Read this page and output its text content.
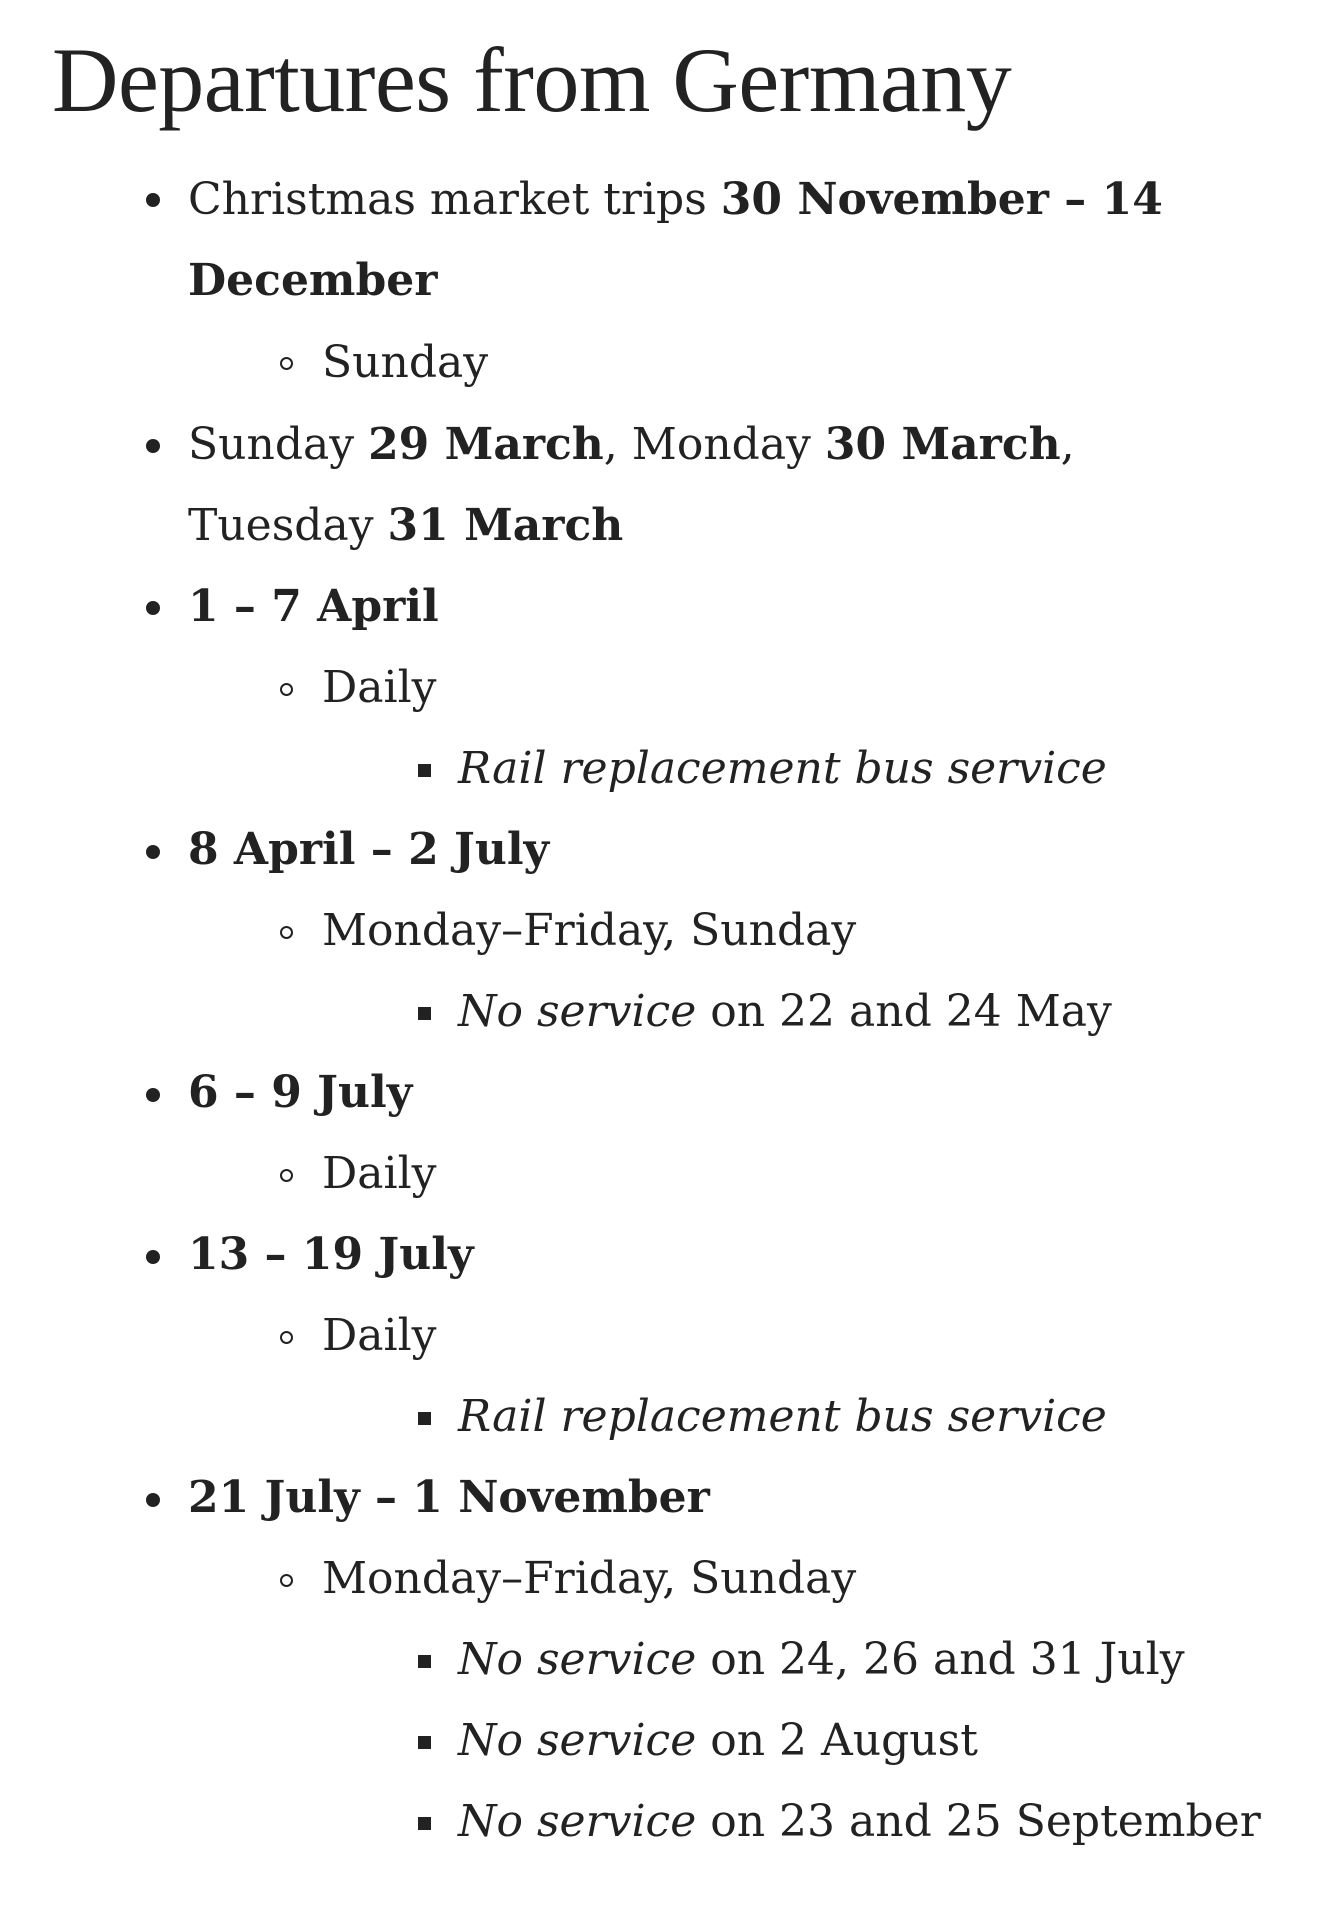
Departures from Germany
Christmas market trips 30 November – 14
December
Sunday
Sunday 29 March, Monday 30 March,
Tuesday 31 March
1 – 7 April
Daily
Rail replacement bus service
8 April – 2 July
Monday–Friday, Sunday
No service on 22 and 24 May
6 – 9 July
Daily
13 – 19 July
Daily
Rail replacement bus service
21 July – 1 November
Monday–Friday, Sunday
No service on 24, 26 and 31 July
No service on 2 August
No service on 23 and 25 September
